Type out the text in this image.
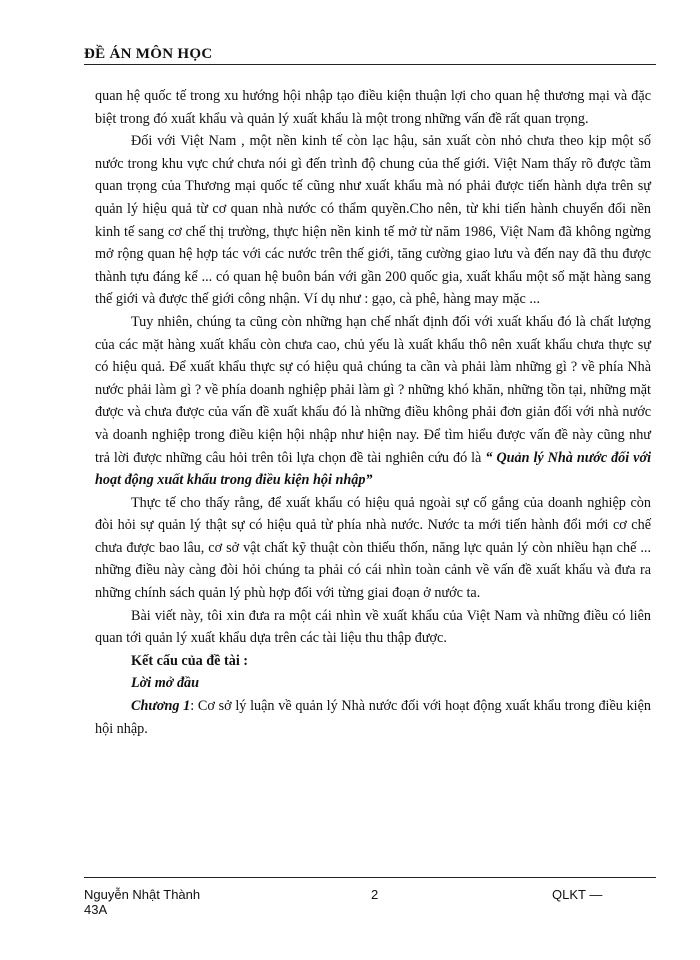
ĐỀ ÁN MÔN HỌC

quan hệ quốc tế trong xu hướng hội nhập tạo điều kiện thuận lợi cho quan hệ thương mại và đặc biệt trong đó xuất khẩu và quản lý xuất khẩu là một trong những vấn đề rất quan trọng.

Đối với Việt Nam , một nền kinh tế còn lạc hậu, sản xuất còn nhỏ chưa theo kịp một số nước trong khu vực chứ chưa nói gì đến trình độ chung của thế giới. Việt Nam thấy rõ được tầm quan trọng của Thương mại quốc tế cũng như xuất khẩu mà nó phải được tiến hành dựa trên sự quản lý hiệu quả từ cơ quan nhà nước có thẩm quyền.Cho nên, từ khi tiến hành chuyển đổi nền kinh tế sang cơ chế thị trường, thực hiện nền kinh tế mở từ năm 1986, Việt Nam đã không ngừng mở rộng quan hệ hợp tác với các nước trên thế giới, tăng cường giao lưu và đến nay đã thu được thành tựu đáng kể ... có quan hệ buôn bán với gần 200 quốc gia, xuất khẩu một số mặt hàng sang thế giới và được thế giới công nhận. Ví dụ như : gạo, cà phê, hàng may mặc ...

Tuy nhiên, chúng ta cũng còn những hạn chế nhất định đối với xuất khẩu đó là chất lượng của các mặt hàng xuất khẩu còn chưa cao, chủ yếu là xuất khẩu thô nên xuất khẩu chưa thực sự có hiệu quả. Để xuất khẩu thực sự có hiệu quả chúng ta cần và phải làm những gì ? về phía Nhà nước phải làm gì ? về phía doanh nghiệp phải làm gì ? những khó khăn, những tồn tại, những mặt được và chưa được của vấn đề xuất khẩu đó là những điều không phải đơn giản đối với nhà nước và doanh nghiệp trong điều kiện hội nhập như hiện nay. Để tìm hiểu được vấn đề này cũng như trả lời được những câu hỏi trên tôi lựa chọn đề tài nghiên cứu đó là “ Quản lý Nhà nước đối với hoạt động xuất khẩu trong điều kiện hội nhập”

Thực tế cho thấy rằng, để xuất khẩu có hiệu quả ngoài sự cố gắng của doanh nghiệp còn đòi hỏi sự quản lý thật sự có hiệu quả từ phía nhà nước. Nước ta mới tiến hành đổi mới cơ chế chưa được bao lâu, cơ sở vật chất kỹ thuật còn thiếu thốn, năng lực quản lý còn nhiều hạn chế ... những điều này càng đòi hỏi chúng ta phải có cái nhìn toàn cảnh về vấn đề xuất khẩu và đưa ra những chính sách quản lý phù hợp đối với từng giai đoạn ở nước ta.

Bài viết này, tôi xin đưa ra một cái nhìn về xuất khẩu của Việt Nam và những điều có liên quan tới quản lý xuất khẩu dựa trên các tài liệu thu thập được.

Kết cấu của đề tài :

Lời mở đầu

Chương 1: Cơ sở lý luận về quản lý Nhà nước đối với hoạt động xuất khẩu trong điều kiện hội nhập.

Nguyễn Nhật Thành 43A
2	QLKT —
